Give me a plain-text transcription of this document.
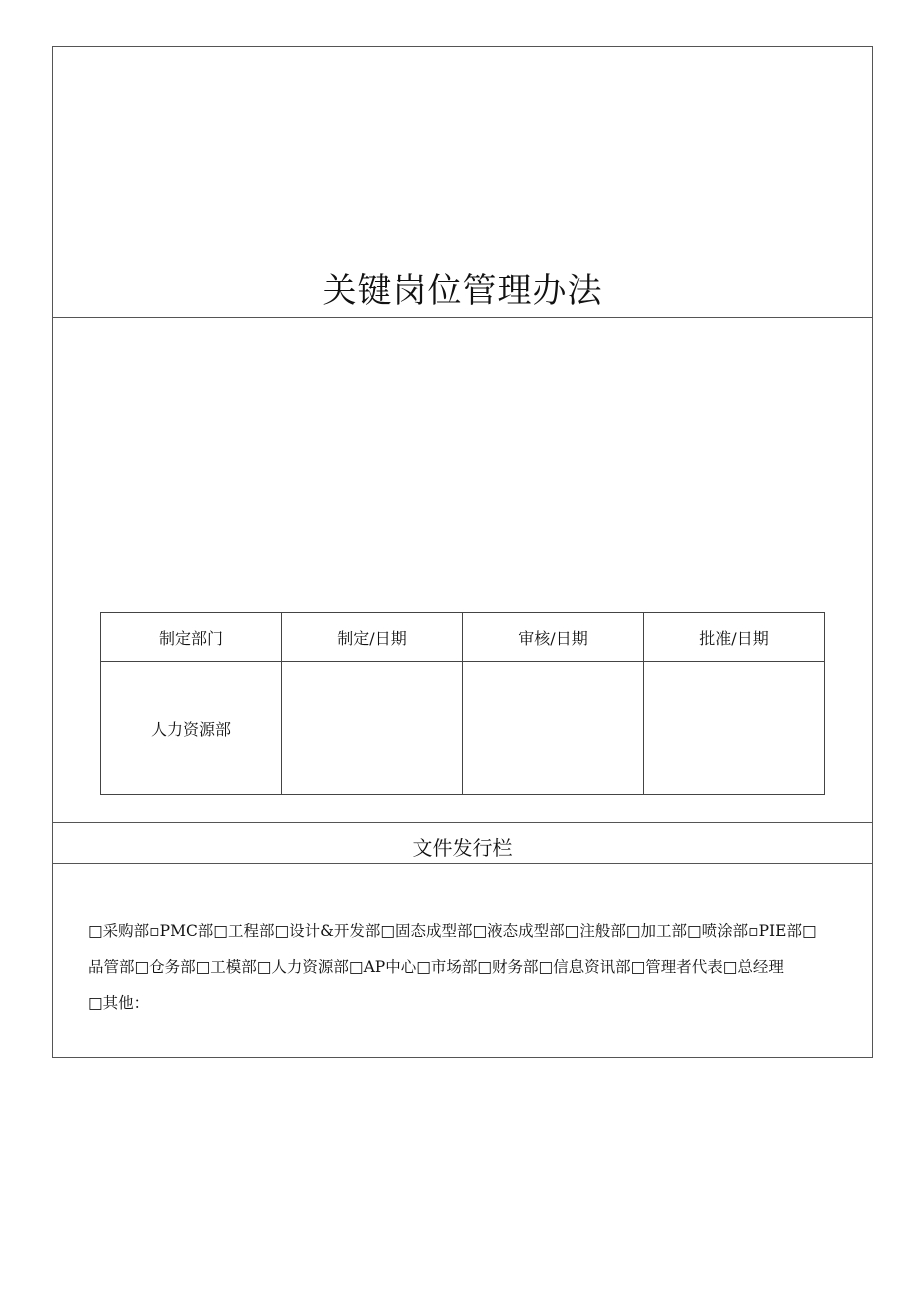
关键岗位管理办法
制定部门	制定/日期	审核/日期	批准/日期
人力资源部			
文件发行栏
□采购部▫PMC部□工程部□设计&开发部□固态成型部□液态成型部□注般部□加工部□喷涂部▫PIE部□
品管部□仓务部□工模部□人力资源部□AP中心□市场部□财务部□信息资讯部□管理者代表□总经理
□其他：
